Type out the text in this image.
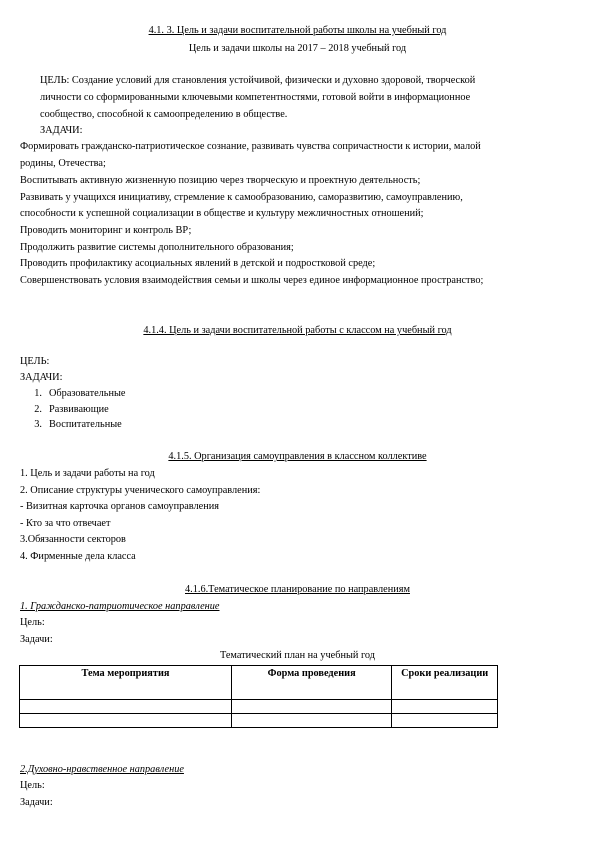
4.1. 3. Цель и задачи воспитательной работы школы на учебный год
Цель и задачи школы на 2017 – 2018 учебный год
ЦЕЛЬ: Создание условий для становления устойчивой, физически и духовно здоровой, творческой
личности со сформированными ключевыми компетентностями, готовой войти в информационное
сообщество, способной к самоопределению в обществе.
ЗАДАЧИ:
Формировать гражданско-патриотическое сознание, развивать чувства сопричастности к истории, малой
родины, Отечества;
Воспитывать активную жизненную позицию через творческую и проектную деятельность;
Развивать у учащихся инициативу, стремление к самообразованию, саморазвитию, самоуправлению,
способности к успешной социализации в обществе и культуру межличностных отношений;
Проводить мониторинг и контроль ВР;
Продолжить развитие системы дополнительного образования;
Проводить профилактику асоциальных явлений в детской и подростковой среде;
Совершенствовать условия взаимодействия семьи и школы через единое информационное пространство;
4.1.4. Цель и задачи воспитательной работы с классом на учебный год
ЦЕЛЬ:
ЗАДАЧИ:
1. Образовательные
2. Развивающие
3. Воспитательные
4.1.5. Организация самоуправления в классном коллективе
1. Цель и задачи работы на год
2. Описание структуры ученического самоуправления:
- Визитная карточка органов самоуправления
- Кто за что отвечает
3.Обязанности секторов
4. Фирменные дела класса
4.1.6.Тематическое планирование по направлениям
1. Гражданско-патриотическое направление
Цель:
Задачи:
Тематический план на учебный год
Тема мероприятия	Форма проведения	Сроки реализации

2.Духовно-нравственное направление
Цель:
Задачи:
